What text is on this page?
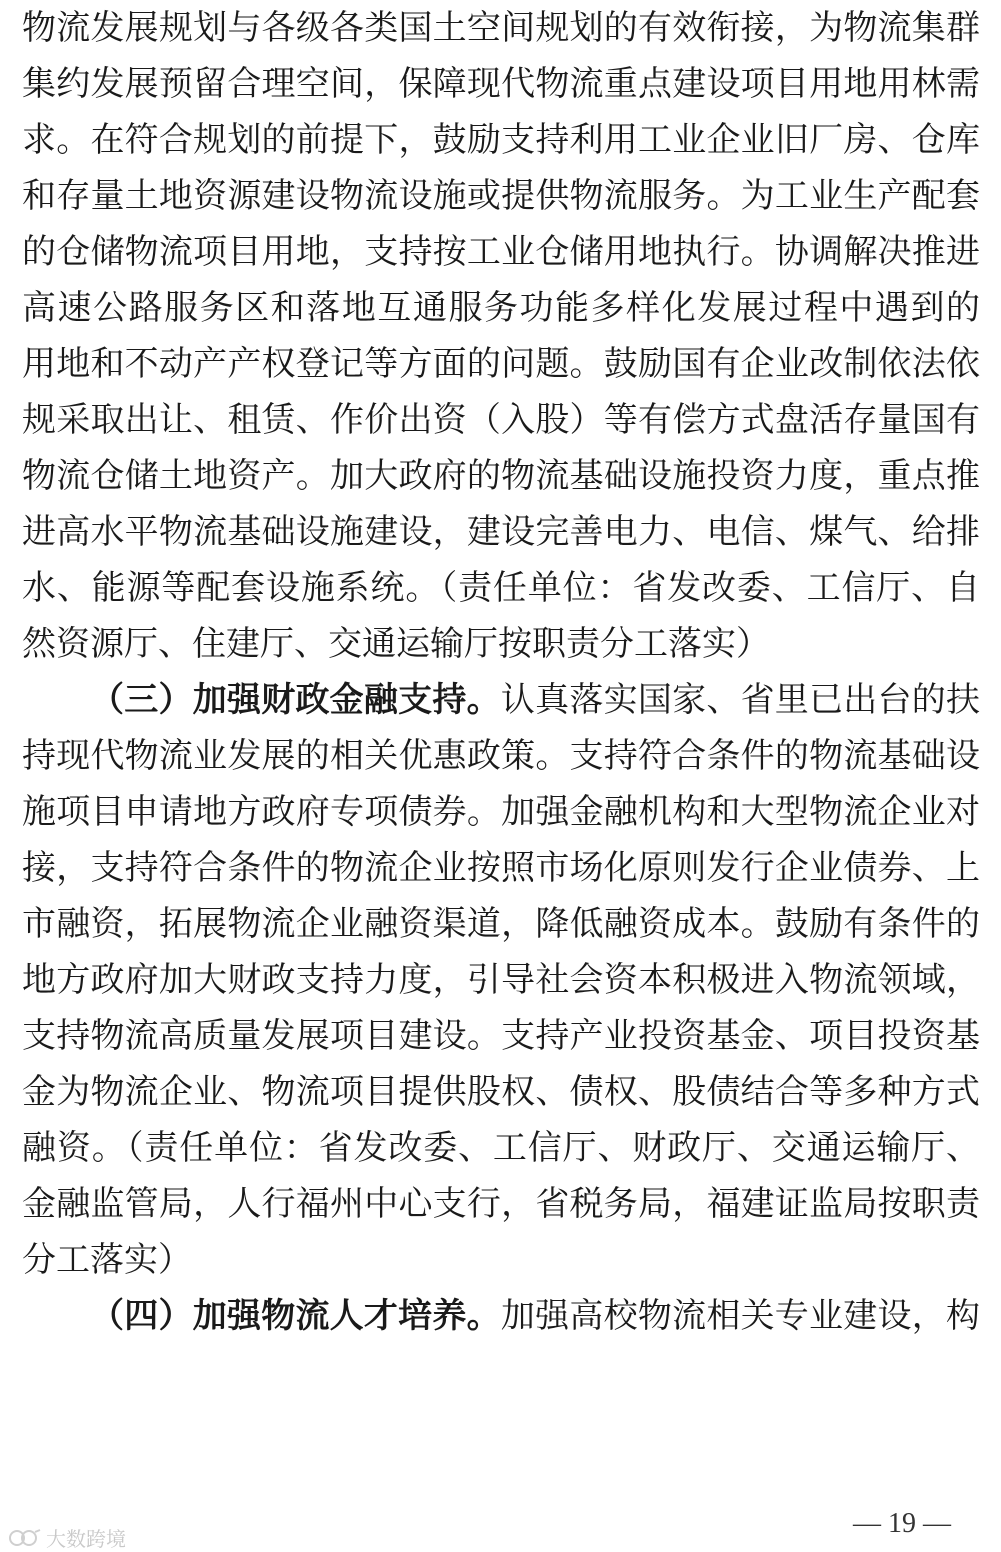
物流发展规划与各级各类国土空间规划的有效衔接，为物流集群
集约发展预留合理空间，保障现代物流重点建设项目用地用林需
求。在符合规划的前提下，鼓励支持利用工业企业旧厂房、仓库
和存量土地资源建设物流设施或提供物流服务。为工业生产配套
的仓储物流项目用地，支持按工业仓储用地执行。协调解决推进
高速公路服务区和落地互通服务功能多样化发展过程中遇到的
用地和不动产产权登记等方面的问题。鼓励国有企业改制依法依
规采取出让、租赁、作价出资（入股）等有偿方式盘活存量国有
物流仓储土地资产。加大政府的物流基础设施投资力度，重点推
进高水平物流基础设施建设，建设完善电力、电信、煤气、给排
水、能源等配套设施系统。（责任单位：省发改委、工信厅、自
然资源厅、住建厅、交通运输厅按职责分工落实）
（三）加强财政金融支持。认真落实国家、省里已出台的扶
持现代物流业发展的相关优惠政策。支持符合条件的物流基础设
施项目申请地方政府专项债券。加强金融机构和大型物流企业对
接，支持符合条件的物流企业按照市场化原则发行企业债券、上
市融资，拓展物流企业融资渠道，降低融资成本。鼓励有条件的
地方政府加大财政支持力度，引导社会资本积极进入物流领域，
支持物流高质量发展项目建设。支持产业投资基金、项目投资基
金为物流企业、物流项目提供股权、债权、股债结合等多种方式
融资。（责任单位：省发改委、工信厅、财政厅、交通运输厅、
金融监管局，人行福州中心支行，省税务局，福建证监局按职责
分工落实）
（四）加强物流人才培养。加强高校物流相关专业建设，构
— 19 —
大数跨境
